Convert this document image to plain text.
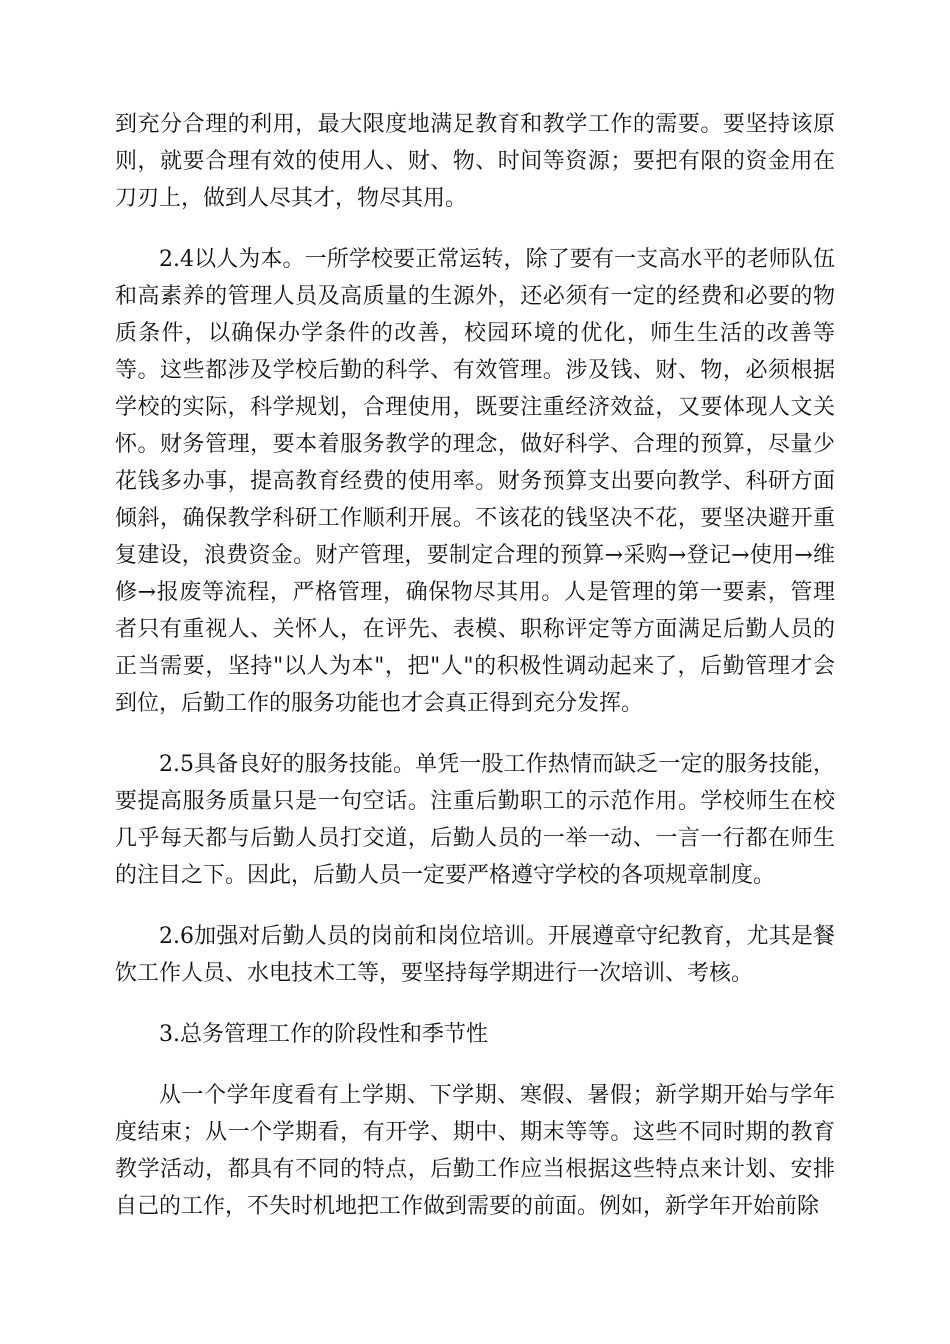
到充分合理的利用，最大限度地满足教育和教学工作的需要。要坚持该原则，就要合理有效的使用人、财、物、时间等资源；要把有限的资金用在刀刃上，做到人尽其才，物尽其用。

2.4以人为本。一所学校要正常运转，除了要有一支高水平的老师队伍和高素养的管理人员及高质量的生源外，还必须有一定的经费和必要的物质条件，以确保办学条件的改善，校园环境的优化，师生生活的改善等等。这些都涉及学校后勤的科学、有效管理。涉及钱、财、物，必须根据学校的实际，科学规划，合理使用，既要注重经济效益，又要体现人文关怀。财务管理，要本着服务教学的理念，做好科学、合理的预算，尽量少花钱多办事，提高教育经费的使用率。财务预算支出要向教学、科研方面倾斜，确保教学科研工作顺利开展。不该花的钱坚决不花，要坚决避开重复建设，浪费资金。财产管理，要制定合理的预算→采购→登记→使用→维修→报废等流程，严格管理，确保物尽其用。人是管理的第一要素，管理者只有重视人、关怀人，在评先、表模、职称评定等方面满足后勤人员的正当需要，坚持"以人为本"，把"人"的积极性调动起来了，后勤管理才会到位，后勤工作的服务功能也才会真正得到充分发挥。

2.5具备良好的服务技能。单凭一股工作热情而缺乏一定的服务技能，要提高服务质量只是一句空话。注重后勤职工的示范作用。学校师生在校几乎每天都与后勤人员打交道，后勤人员的一举一动、一言一行都在师生的注目之下。因此，后勤人员一定要严格遵守学校的各项规章制度。

2.6加强对后勤人员的岗前和岗位培训。开展遵章守纪教育，尤其是餐饮工作人员、水电技术工等，要坚持每学期进行一次培训、考核。

3.总务管理工作的阶段性和季节性

从一个学年度看有上学期、下学期、寒假、暑假；新学期开始与学年度结束；从一个学期看，有开学、期中、期末等等。这些不同时期的教育教学活动，都具有不同的特点，后勤工作应当根据这些特点来计划、安排自己的工作，不失时机地把工作做到需要的前面。例如，新学年开始前除
